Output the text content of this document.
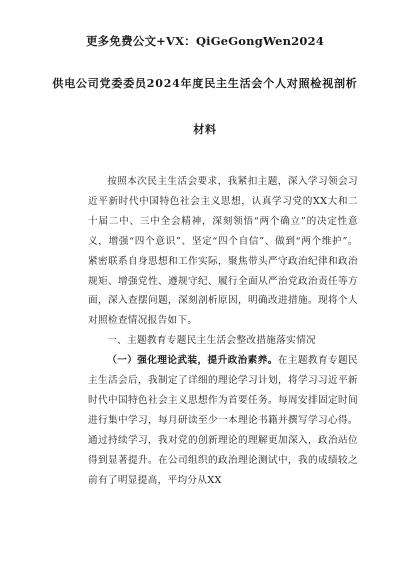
更多免费公文+VX：QiGeGongWen2024
供电公司党委委员2024年度民主生活会个人对照检视剖析
材料

按照本次民主生活会要求，我紧扣主题，深入学习领会习近平新时代中国特色社会主义思想，认真学习党的XX大和二十届二中、三中全会精神，深刻领悟“两个确立”的决定性意义，增强“四个意识”、坚定“四个自信”、做到“两个维护”。紧密联系自身思想和工作实际，聚焦带头严守政治纪律和政治规矩、增强党性、遵规守纪、履行全面从严治党政治责任等方面，深入查摆问题，深刻剖析原因，明确改进措施。现将个人对照检查情况报告如下。

一、主题教育专题民主生活会整改措施落实情况

（一）强化理论武装，提升政治素养。在主题教育专题民主生活会后，我制定了详细的理论学习计划，将学习习近平新时代中国特色社会主义思想作为首要任务。每周安排固定时间进行集中学习，每月研读至少一本理论书籍并撰写学习心得。通过持续学习，我对党的创新理论的理解更加深入，政治站位得到显著提升。在公司组织的政治理论测试中，我的成绩较之前有了明显提高，平均分从XX
